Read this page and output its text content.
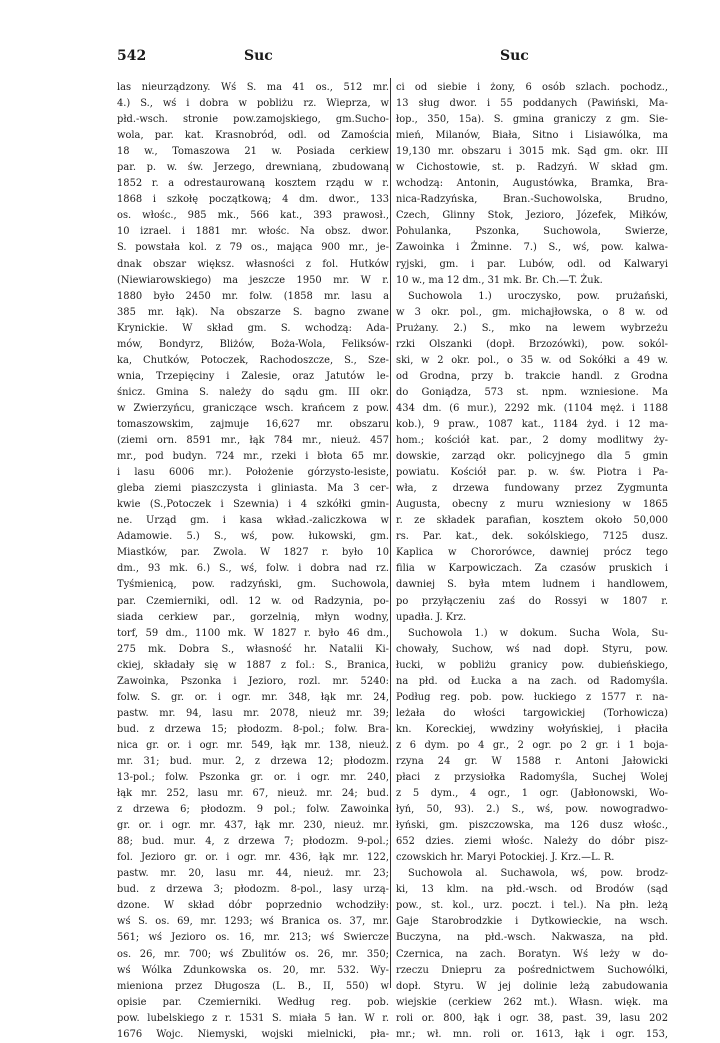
542	Suc	Suc
las nieurządzony. Wś S. ma 41 os., 512 mr.
4.) S., wś i dobra w pobliżu rz. Wieprza, w
płd.-wsch. stronie pow.zamojskiego, gm.Sucho-
wola, par. kat. Krasnobród, odl. od Zamościa
18 w., Tomaszowa 21 w. Posiada cerkiew
par. p. w. św. Jerzego, drewnianą, zbudowaną
1852 r. a odrestaurowaną kosztem rządu w r.
1868 i szkołę początkową; 4 dm. dwor., 133
os. włośc., 985 mk., 566 kat., 393 prawosł.,
10 izrael. i 1881 mr. włośc. Na obsz. dwor.
S. powstała kol. z 79 os., mająca 900 mr., je-
dnak obszar większ. własności z fol. Hutków
(Niewiarowskiego) ma jeszcze 1950 mr. W r.
1880 było 2450 mr. folw. (1858 mr. lasu a
385 mr. łąk). Na obszarze S. bagno zwane
Krynickie. W skład gm. S. wchodzą: Ada-
mów, Bondyrz, Bliżów, Boża-Wola, Feliksów-
ka, Chutków, Potoczek, Rachodoszcze, S., Sze-
wnia, Trzepięciny i Zalesie, oraz Jatutów le-
śnicz. Gmina S. należy do sądu gm. III okr.
w Zwierzyńcu, graniczące wsch. krańcem z pow.
tomaszowskim, zajmuje 16,627 mr. obszaru
(ziemi orn. 8591 mr., łąk 784 mr., nieuż. 457
mr., pod budyn. 724 mr., rzeki i błota 65 mr.
i lasu 6006 mr.). Położenie górzysto-lesiste,
gleba ziemi piaszczysta i gliniasta. Ma 3 cer-
kwie (S.,Potoczek i Szewnia) i 4 szkółki gmin-
ne. Urząd gm. i kasa wkład.-zaliczkowa w
Adamowie. 5.) S., wś, pow. łukowski, gm.
Miastków, par. Zwola. W 1827 r. było 10
dm., 93 mk. 6.) S., wś, folw. i dobra nad rz.
Tyśmienicą, pow. radzyński, gm. Suchowola,
par. Czemierniki, odl. 12 w. od Radzynia, po-
siada cerkiew par., gorzelnią, młyn wodny,
torf, 59 dm., 1100 mk. W 1827 r. było 46 dm.,
275 mk. Dobra S., własność hr. Natalii Ki-
ckiej, składały się w 1887 z fol.: S., Branica,
Zawoinka, Pszonka i Jezioro, rozl. mr. 5240:
folw. S. gr. or. i ogr. mr. 348, łąk mr. 24,
pastw. mr. 94, lasu mr. 2078, nieuż mr. 39;
bud. z drzewa 15; płodozm. 8-pol.; folw. Bra-
nica gr. or. i ogr. mr. 549, łąk mr. 138, nieuż.
mr. 31; bud. mur. 2, z drzewa 12; płodozm.
13-pol.; folw. Pszonka gr. or. i ogr. mr. 240,
łąk mr. 252, lasu mr. 67, nieuż. mr. 24; bud.
z drzewa 6; płodozm. 9 pol.; folw. Zawoinka
gr. or. i ogr. mr. 437, łąk mr. 230, nieuż. mr.
88; bud. mur. 4, z drzewa 7; płodozm. 9-pol.;
fol. Jezioro gr. or. i ogr. mr. 436, łąk mr. 122,
pastw. mr. 20, lasu mr. 44, nieuż. mr. 23;
bud. z drzewa 3; płodozm. 8-pol., lasy urzą-
dzone. W skład dóbr poprzednio wchodziły:
wś S. os. 69, mr. 1293; wś Branica os. 37, mr.
561; wś Jezioro os. 16, mr. 213; wś Swiercze
os. 26, mr. 700; wś Zbulitów os. 26, mr. 350;
wś Wólka Zdunkowska os. 20, mr. 532. Wy-
mieniona przez Długosza (L. B., II, 550) w
opisie par. Czemierniki. Według reg. pob.
pow. lubelskiego z r. 1531 S. miała 5 łan. W r.
1676 Wojc. Niemyski, wojski mielnicki, pła-
ci od siebie i żony, 6 osób szlach. pochodz.,
13 sług dwor. i 55 poddanych (Pawiński, Ma-
łop., 350, 15a). S. gmina graniczy z gm. Sie-
mień, Milanów, Biała, Sitno i Lisiawólka, ma
19,130 mr. obszaru i 3015 mk. Sąd gm. okr. III
w Cichostowie, st. p. Radzyń. W skład gm.
wchodzą: Antonin, Augustówka, Bramka, Bra-
nica-Radzyńska, Bran.-Suchowolska, Brudno,
Czech, Glinny Stok, Jezioro, Józefek, Miłków,
Pohulanka, Pszonka, Suchowola, Swierze,
Zawoinka i Żminne. 7.) S., wś, pow. kalwa-
ryjski, gm. i par. Lubów, odl. od Kalwaryi
10 w., ma 12 dm., 31 mk. Br. Ch.—T. Żuk.
Suchowola 1.) uroczysko, pow. prużański,
w 3 okr. pol., gm. michajłowska, o 8 w. od
Prużany. 2.) S., mko na lewem wybrzeżu
rzki Olszanki (dopł. Brzozówki), pow. sokól-
ski, w 2 okr. pol., o 35 w. od Sokółki a 49 w.
od Grodna, przy b. trakcie handl. z Grodna
do Goniądza, 573 st. npm. wzniesione. Ma
434 dm. (6 mur.), 2292 mk. (1104 męż. i 1188
kob.), 9 praw., 1087 kat., 1184 żyd. i 12 ma-
hom.; kościół kat. par., 2 domy modlitwy ży-
dowskie, zarząd okr. policyjnego dla 5 gmin
powiatu. Kościół par. p. w. św. Piotra i Pa-
wła, z drzewa fundowany przez Zygmunta
Augusta, obecny z muru wzniesiony w 1865
r. ze składek parafian, kosztem około 50,000
rs. Par. kat., dek. sokólskiego, 7125 dusz.
Kaplica w Chororówce, dawniej prócz tego
filia w Karpowiczach. Za czasów pruskich i
dawniej S. była mtem ludnem i handlowem,
po przyłączeniu zaś do Rossyi w 1807 r.
upadła. J. Krz.
Suchowola 1.) w dokum. Sucha Wola, Su-
chowały, Suchow, wś nad dopł. Styru, pow.
łucki, w pobliżu granicy pow. dubieńskiego,
na płd. od Łucka a na zach. od Radomyśla.
Podług reg. pob. pow. łuckiego z 1577 r. na-
leżała do włości targowickiej (Torhowicza)
kn. Koreckiej, wwdziny wołyńskiej, i płaciła
z 6 dym. po 4 gr., 2 ogr. po 2 gr. i 1 boja-
rzyna 24 gr. W 1588 r. Antoni Jałowicki
płaci z przysiołka Radomyśla, Suchej Wolej
z 5 dym., 4 ogr., 1 ogr. (Jabłonowski, Wo-
łyń, 50, 93). 2.) S., wś, pow. nowogradwo-
łyński, gm. piszczowska, ma 126 dusz włośc.,
652 dzies. ziemi włośc. Należy do dóbr pisz-
czowskich hr. Maryi Potockiej. J. Krz.—L. R.
Suchowola al. Suchawola, wś, pow. brodz-
ki, 13 klm. na płd.-wsch. od Brodów (sąd
pow., st. kol., urz. poczt. i tel.). Na płn. leżą
Gaje Starobrodzkie i Dytkowieckie, na wsch.
Buczyna, na płd.-wsch. Nakwasza, na płd.
Czernica, na zach. Boratyn. Wś leży w do-
rzeczu Dniepru za pośrednictwem Suchowólki,
dopł. Styru. W jej dolinie leżą zabudowania
wiejskie (cerkiew 262 mt.). Własn. więk. ma
roli or. 800, łąk i ogr. 38, past. 39, lasu 202
mr.; wł. mn. roli or. 1613, łąk i ogr. 153,
